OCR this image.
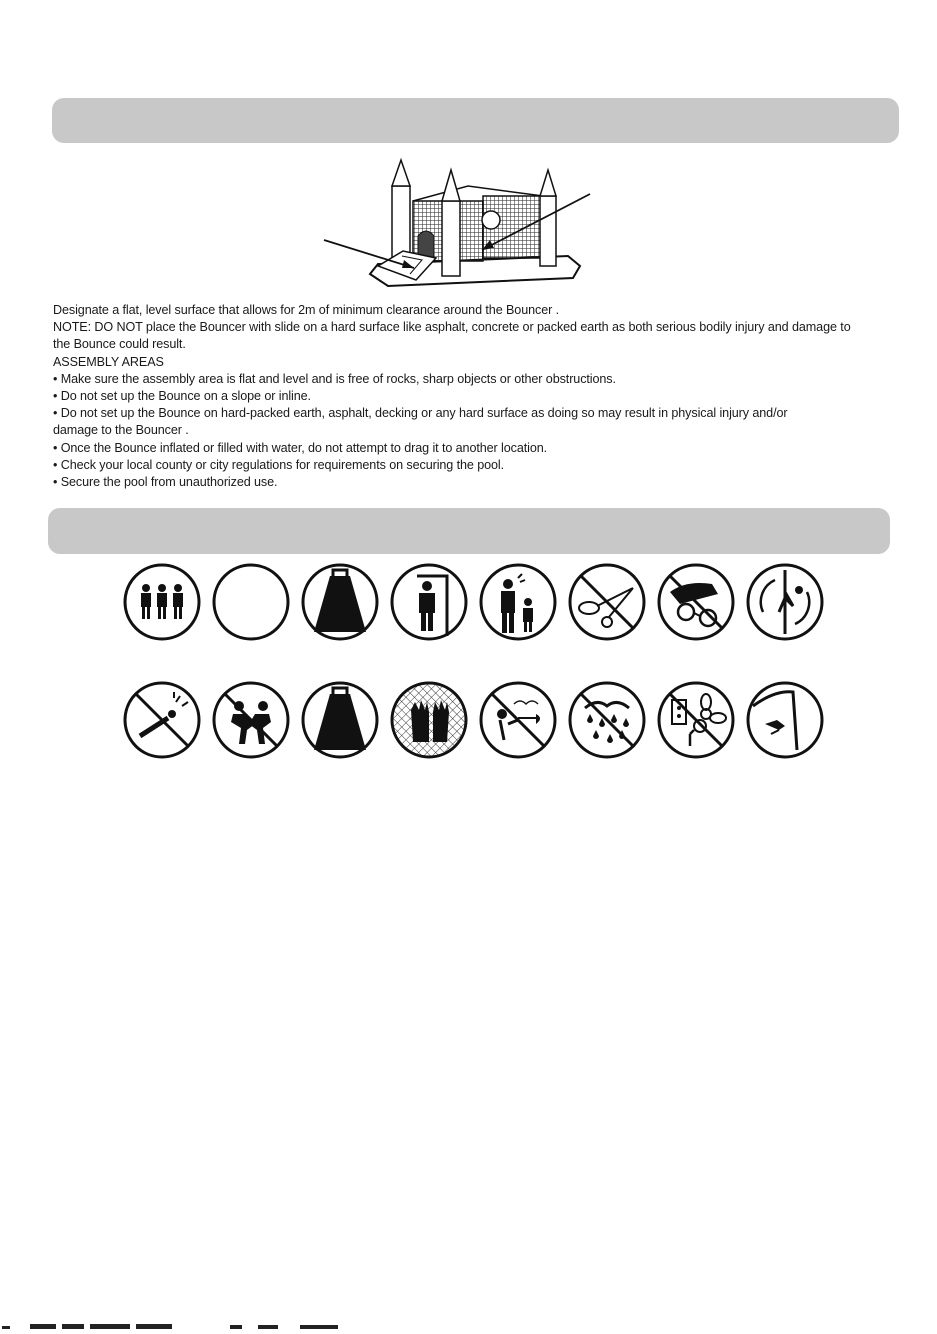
Designate a flat, level surface that allows for 2m of minimum clearance around the Bouncer .
NOTE: DO NOT place the Bouncer with slide on a hard surface like asphalt, concrete or packed earth as both serious bodily injury and damage to
the Bounce could result.
ASSEMBLY AREAS
• Make sure the assembly area is flat and level and is free of rocks, sharp objects or other obstructions.
• Do not set up the Bounce on a slope or inline.
• Do not set up the Bounce on hard-packed earth, asphalt, decking or any hard surface as doing so may result in physical injury and/or
damage to the Bouncer .
• Once the Bounce inflated or filled with water, do not attempt to drag it to another location.
• Check your local county or city regulations for requirements on securing the pool.
• Secure the pool from unauthorized use.
